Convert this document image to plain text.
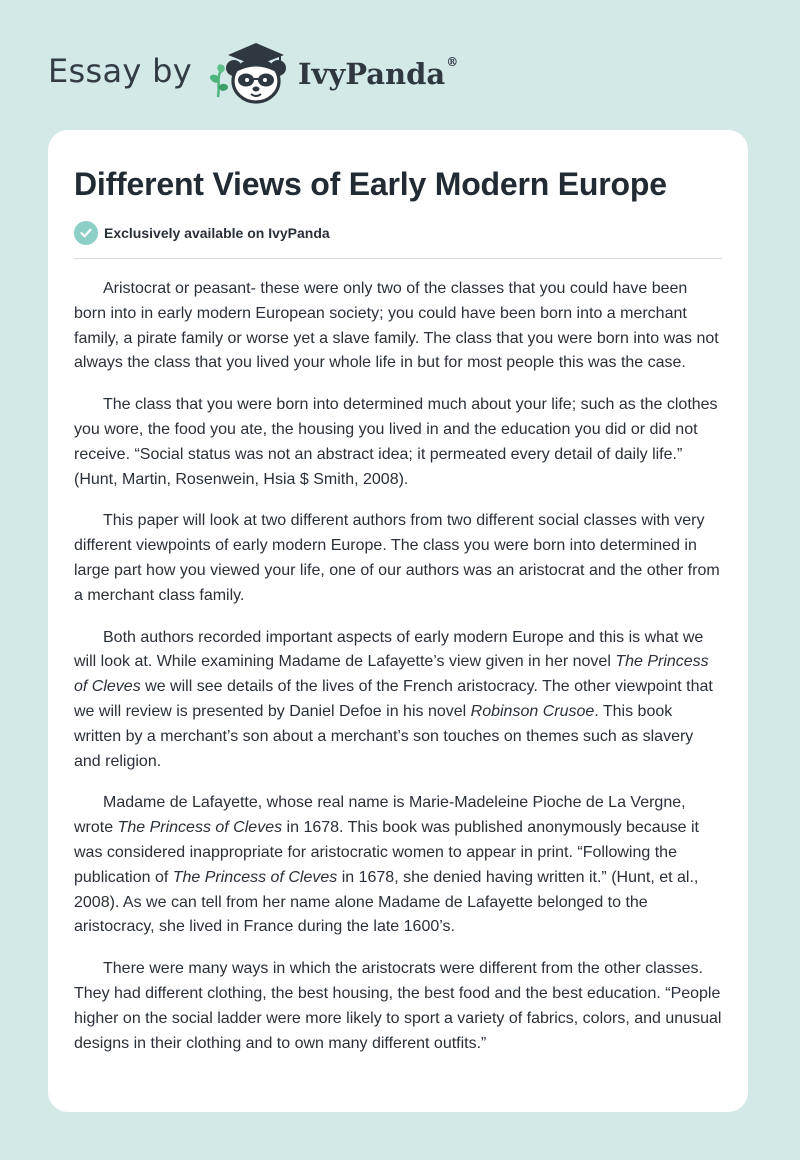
Essay by	IvyPanda®
Different Views of Early Modern Europe
Exclusively available on IvyPanda

Aristocrat or peasant- these were only two of the classes that you could have been born into in early modern European society; you could have been born into a merchant family, a pirate family or worse yet a slave family. The class that you were born into was not always the class that you lived your whole life in but for most people this was the case.

The class that you were born into determined much about your life; such as the clothes you wore, the food you ate, the housing you lived in and the education you did or did not receive. “Social status was not an abstract idea; it permeated every detail of daily life.” (Hunt, Martin, Rosenwein, Hsia $ Smith, 2008).

This paper will look at two different authors from two different social classes with very different viewpoints of early modern Europe. The class you were born into determined in large part how you viewed your life, one of our authors was an aristocrat and the other from a merchant class family.

Both authors recorded important aspects of early modern Europe and this is what we will look at. While examining Madame de Lafayette’s view given in her novel The Princess of Cleves we will see details of the lives of the French aristocracy. The other viewpoint that we will review is presented by Daniel Defoe in his novel Robinson Crusoe. This book written by a merchant’s son about a merchant’s son touches on themes such as slavery and religion.

Madame de Lafayette, whose real name is Marie-Madeleine Pioche de La Vergne, wrote The Princess of Cleves in 1678. This book was published anonymously because it was considered inappropriate for aristocratic women to appear in print. “Following the publication of The Princess of Cleves in 1678, she denied having written it.” (Hunt, et al., 2008). As we can tell from her name alone Madame de Lafayette belonged to the aristocracy, she lived in France during the late 1600’s.

There were many ways in which the aristocrats were different from the other classes. They had different clothing, the best housing, the best food and the best education. “People higher on the social ladder were more likely to sport a variety of fabrics, colors, and unusual designs in their clothing and to own many different outfits.”
